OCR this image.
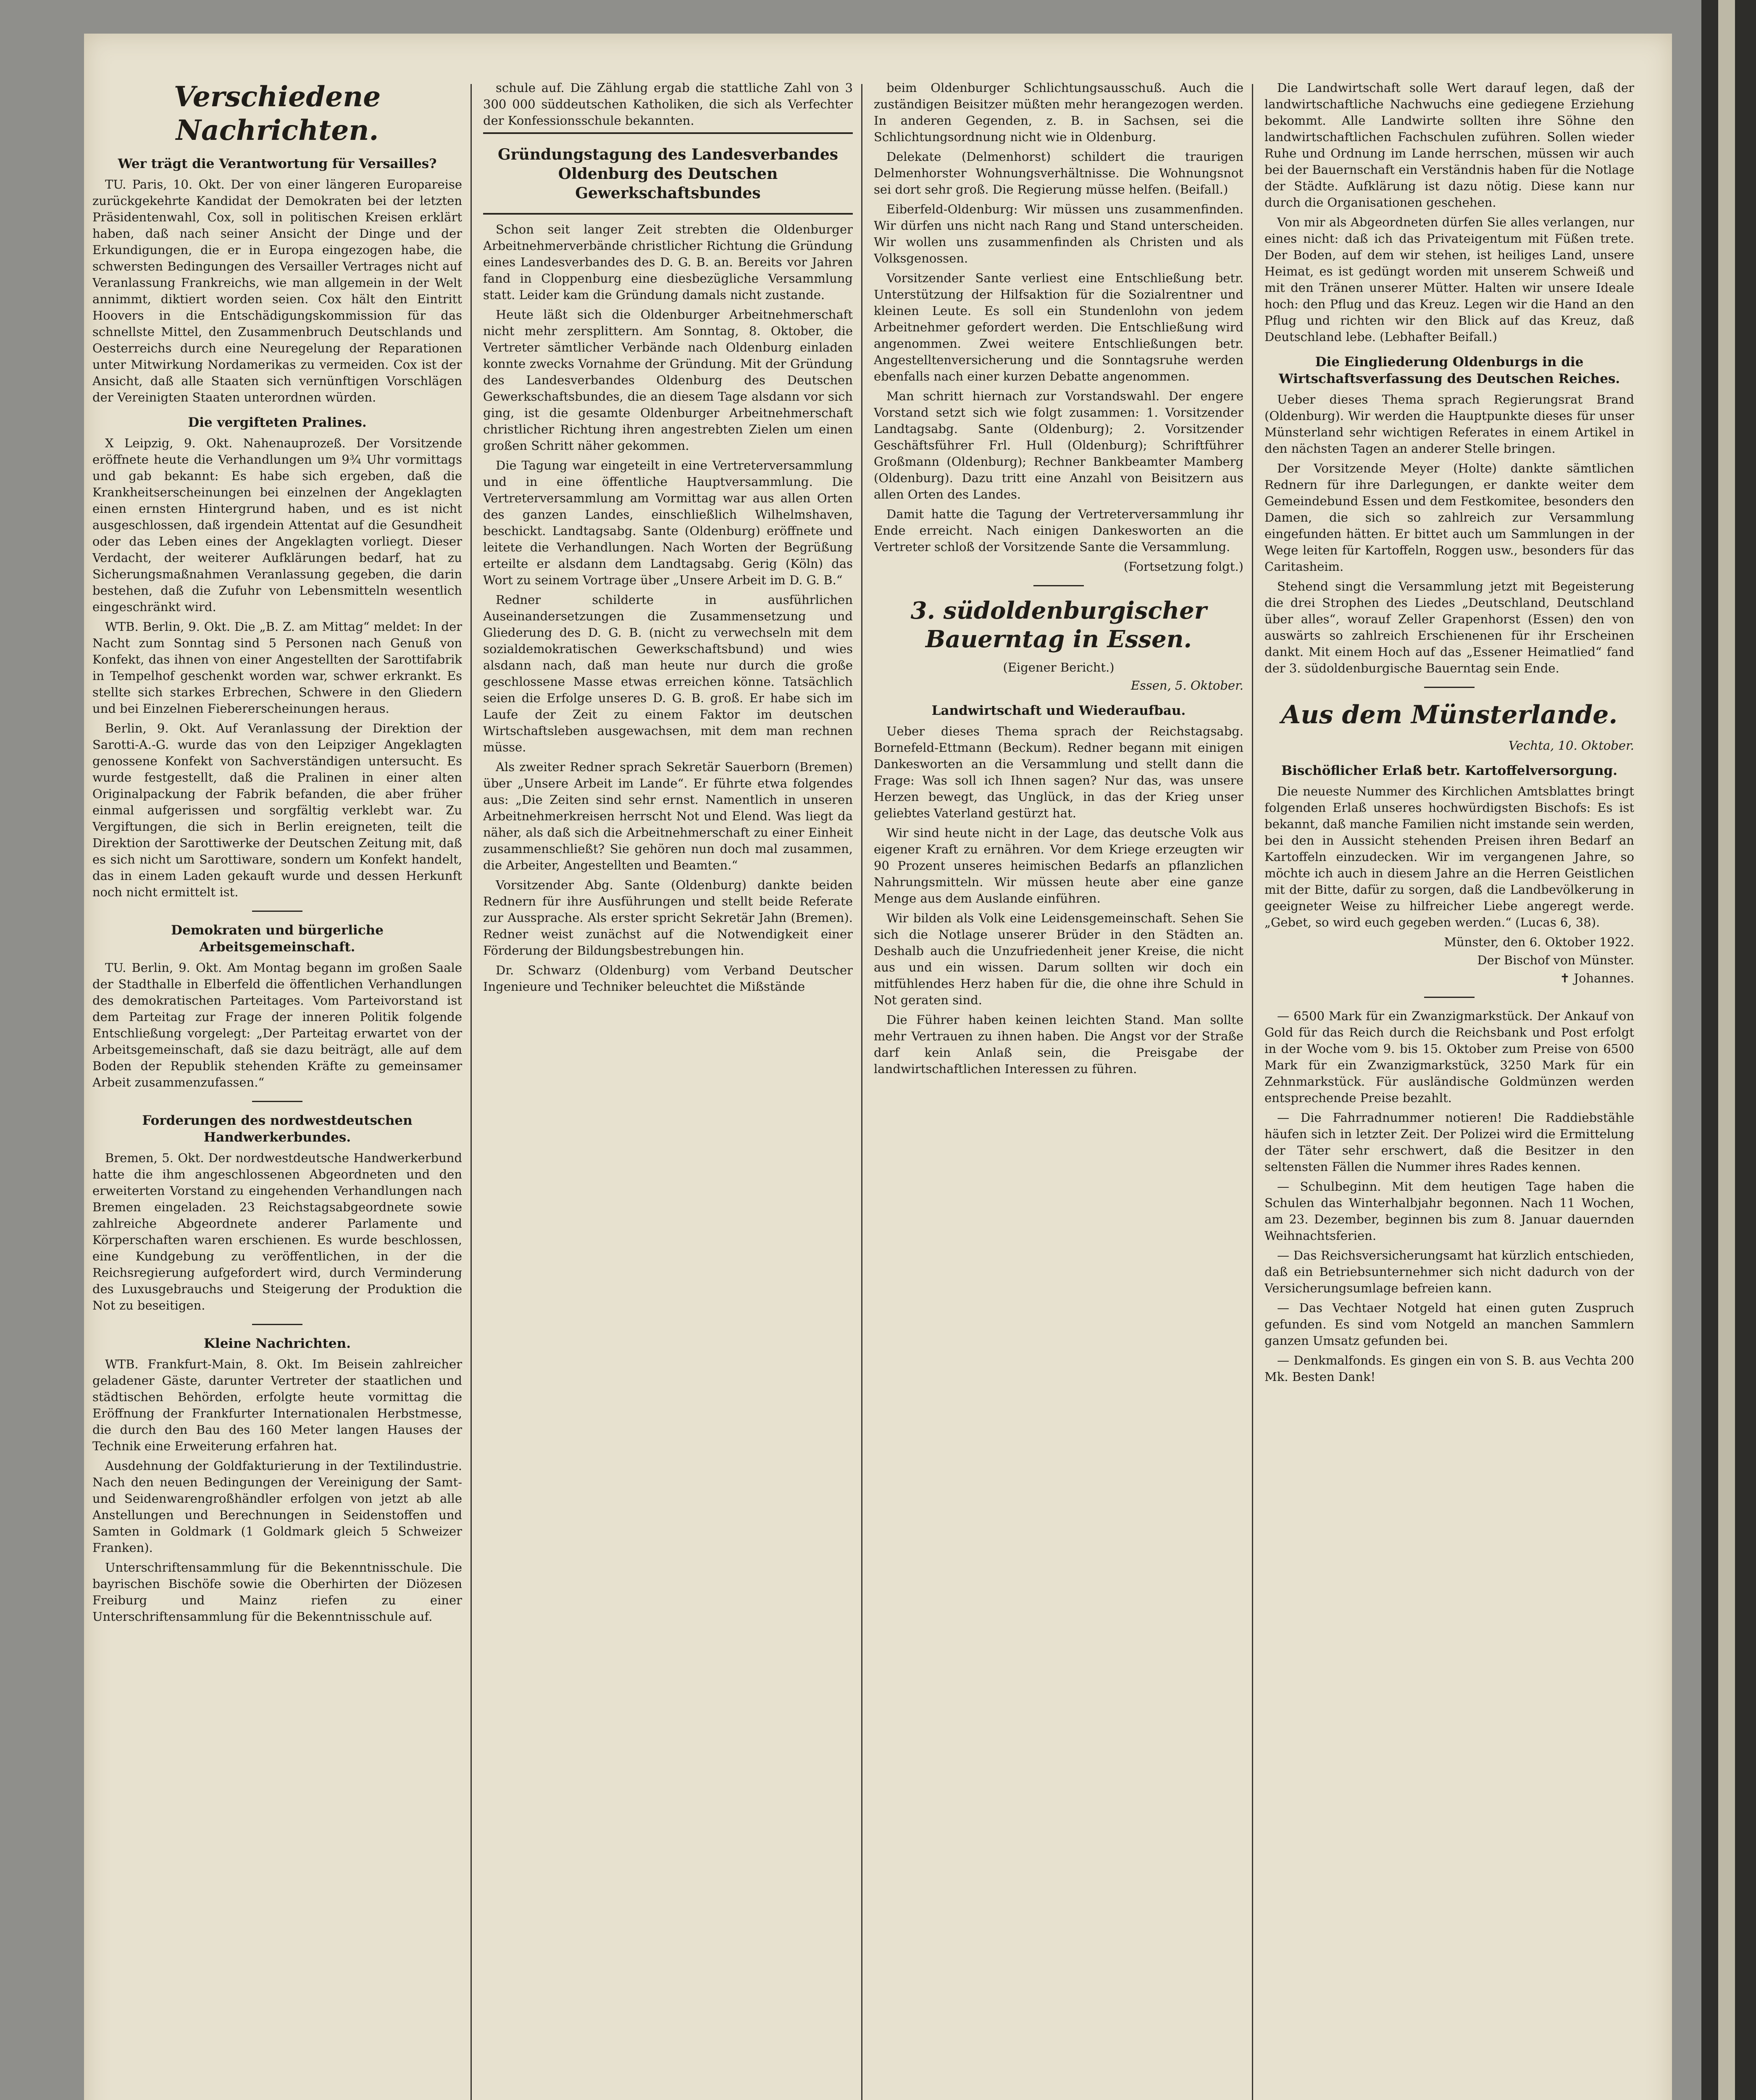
Verschiedene Nachrichten.
Wer trägt die Verantwortung für Versailles?

TU. Paris, 10. Okt. Der von einer längeren Europareise zurückgekehrte Kandidat der Demokraten bei der letzten Präsidentenwahl, Cox, soll in politischen Kreisen erklärt haben, daß nach seiner Ansicht der Dinge und der Erkundigungen, die er in Europa eingezogen habe, die schwersten Bedingungen des Versailler Vertrages nicht auf Veranlassung Frankreichs, wie man allgemein in der Welt annimmt, diktiert worden seien. Cox hält den Eintritt Hoovers in die Entschädigungskommission für das schnellste Mittel, den Zusammenbruch Deutschlands und Oesterreichs durch eine Neuregelung der Reparationen unter Mitwirkung Nordamerikas zu vermeiden. Cox ist der Ansicht, daß alle Staaten sich vernünftigen Vorschlägen der Vereinigten Staaten unterordnen würden.

Die vergifteten Pralines.

X Leipzig, 9. Okt. Nahenauprozeß. Der Vorsitzende eröffnete heute die Verhandlungen um 9¾ Uhr vormittags und gab bekannt: Es habe sich ergeben, daß die Krankheitserscheinungen bei einzelnen der Angeklagten einen ernsten Hintergrund haben, und es ist nicht ausgeschlossen, daß irgendein Attentat auf die Gesundheit oder das Leben eines der Angeklagten vorliegt. Dieser Verdacht, der weiterer Aufklärungen bedarf, hat zu Sicherungsmaßnahmen Veranlassung gegeben, die darin bestehen, daß die Zufuhr von Lebensmitteln wesentlich eingeschränkt wird.

WTB. Berlin, 9. Okt. Die „B. Z. am Mittag“ meldet: In der Nacht zum Sonntag sind 5 Personen nach Genuß von Konfekt, das ihnen von einer Angestellten der Sarottifabrik in Tempelhof geschenkt worden war, schwer erkrankt. Es stellte sich starkes Erbrechen, Schwere in den Gliedern und bei Einzelnen Fiebererscheinungen heraus.

Berlin, 9. Okt. Auf Veranlassung der Direktion der Sarotti-A.-G. wurde das von den Leipziger Angeklagten genossene Konfekt von Sachverständigen untersucht. Es wurde festgestellt, daß die Pralinen in einer alten Originalpackung der Fabrik befanden, die aber früher einmal aufgerissen und sorgfältig verklebt war. Zu Vergiftungen, die sich in Berlin ereigneten, teilt die Direktion der Sarottiwerke der Deutschen Zeitung mit, daß es sich nicht um Sarottiware, sondern um Konfekt handelt, das in einem Laden gekauft wurde und dessen Herkunft noch nicht ermittelt ist.

Demokraten und bürgerliche Arbeitsgemeinschaft.

TU. Berlin, 9. Okt. Am Montag begann im großen Saale der Stadthalle in Elberfeld die öffentlichen Verhandlungen des demokratischen Parteitages. Vom Parteivorstand ist dem Parteitag zur Frage der inneren Politik folgende Entschließung vorgelegt: „Der Parteitag erwartet von der Arbeitsgemeinschaft, daß sie dazu beiträgt, alle auf dem Boden der Republik stehenden Kräfte zu gemeinsamer Arbeit zusammenzufassen.“

Forderungen des nordwestdeutschen Handwerkerbundes.

Bremen, 5. Okt. Der nordwestdeutsche Handwerkerbund hatte die ihm angeschlossenen Abgeordneten und den erweiterten Vorstand zu eingehenden Verhandlungen nach Bremen eingeladen. 23 Reichstagsabgeordnete sowie zahlreiche Abgeordnete anderer Parlamente und Körperschaften waren erschienen. Es wurde beschlossen, eine Kundgebung zu veröffentlichen, in der die Reichsregierung aufgefordert wird, durch Verminderung des Luxusgebrauchs und Steigerung der Produktion die Not zu beseitigen.

Kleine Nachrichten.

WTB. Frankfurt-Main, 8. Okt. Im Beisein zahlreicher geladener Gäste, darunter Vertreter der staatlichen und städtischen Behörden, erfolgte heute vormittag die Eröffnung der Frankfurter Internationalen Herbstmesse, die durch den Bau des 160 Meter langen Hauses der Technik eine Erweiterung erfahren hat.

Ausdehnung der Goldfakturierung in der Textilindustrie. Nach den neuen Bedingungen der Vereinigung der Samt- und Seidenwarengroßhändler erfolgen von jetzt ab alle Anstellungen und Berechnungen in Seidenstoffen und Samten in Goldmark (1 Goldmark gleich 5 Schweizer Franken).

Unterschriftensammlung für die Bekenntnisschule. Die bayrischen Bischöfe sowie die Oberhirten der Diözesen Freiburg und Mainz riefen zu einer Unterschriftensammlung für die Bekenntnisschule auf.

schule auf. Die Zählung ergab die stattliche Zahl von 3 300 000 süddeutschen Katholiken, die sich als Verfechter der Konfessionsschule bekannten.

Gründungstagung des Landesverbandes Oldenburg des Deutschen Gewerkschaftsbundes

Schon seit langer Zeit strebten die Oldenburger Arbeitnehmerverbände christlicher Richtung die Gründung eines Landesverbandes des D. G. B. an. Bereits vor Jahren fand in Cloppenburg eine diesbezügliche Versammlung statt. Leider kam die Gründung damals nicht zustande.

Heute läßt sich die Oldenburger Arbeitnehmerschaft nicht mehr zersplittern. Am Sonntag, 8. Oktober, die Vertreter sämtlicher Verbände nach Oldenburg einladen konnte zwecks Vornahme der Gründung. Mit der Gründung des Landesverbandes Oldenburg des Deutschen Gewerkschaftsbundes, die an diesem Tage alsdann vor sich ging, ist die gesamte Oldenburger Arbeitnehmerschaft christlicher Richtung ihren angestrebten Zielen um einen großen Schritt näher gekommen.

Die Tagung war eingeteilt in eine Vertreterversammlung und in eine öffentliche Hauptversammlung. Die Vertreterversammlung am Vormittag war aus allen Orten des ganzen Landes, einschließlich Wilhelmshaven, beschickt. Landtagsabg. Sante (Oldenburg) eröffnete und leitete die Verhandlungen. Nach Worten der Begrüßung erteilte er alsdann dem Landtagsabg. Gerig (Köln) das Wort zu seinem Vortrage über „Unsere Arbeit im D. G. B.“

Redner schilderte in ausführlichen Auseinandersetzungen die Zusammensetzung und Gliederung des D. G. B. (nicht zu verwechseln mit dem sozialdemokratischen Gewerkschaftsbund) und wies alsdann nach, daß man heute nur durch die große geschlossene Masse etwas erreichen könne. Tatsächlich seien die Erfolge unseres D. G. B. groß. Er habe sich im Laufe der Zeit zu einem Faktor im deutschen Wirtschaftsleben ausgewachsen, mit dem man rechnen müsse.

Als zweiter Redner sprach Sekretär Sauerborn (Bremen) über „Unsere Arbeit im Lande“. Er führte etwa folgendes aus: „Die Zeiten sind sehr ernst. Namentlich in unseren Arbeitnehmerkreisen herrscht Not und Elend. Was liegt da näher, als daß sich die Arbeitnehmerschaft zu einer Einheit zusammenschließt? Sie gehören nun doch mal zusammen, die Arbeiter, Angestellten und Beamten.“

Vorsitzender Abg. Sante (Oldenburg) dankte beiden Rednern für ihre Ausführungen und stellt beide Referate zur Aussprache. Als erster spricht Sekretär Jahn (Bremen). Redner weist zunächst auf die Notwendigkeit einer Förderung der Bildungsbestrebungen hin.

Dr. Schwarz (Oldenburg) vom Verband Deutscher Ingenieure und Techniker beleuchtet die Mißstände

beim Oldenburger Schlichtungsausschuß. Auch die zuständigen Beisitzer müßten mehr herangezogen werden. In anderen Gegenden, z. B. in Sachsen, sei die Schlichtungsordnung nicht wie in Oldenburg.

Delekate (Delmenhorst) schildert die traurigen Delmenhorster Wohnungsverhältnisse. Die Wohnungsnot sei dort sehr groß. Die Regierung müsse helfen. (Beifall.)

Eiberfeld-Oldenburg: Wir müssen uns zusammenfinden. Wir dürfen uns nicht nach Rang und Stand unterscheiden. Wir wollen uns zusammenfinden als Christen und als Volksgenossen.

Vorsitzender Sante verliest eine Entschließung betr. Unterstützung der Hilfsaktion für die Sozialrentner und kleinen Leute. Es soll ein Stundenlohn von jedem Arbeitnehmer gefordert werden. Die Entschließung wird angenommen. Zwei weitere Entschließungen betr. Angestelltenversicherung und die Sonntagsruhe werden ebenfalls nach einer kurzen Debatte angenommen.

Man schritt hiernach zur Vorstandswahl. Der engere Vorstand setzt sich wie folgt zusammen: 1. Vorsitzender Landtagsabg. Sante (Oldenburg); 2. Vorsitzender Geschäftsführer Frl. Hull (Oldenburg); Schriftführer Großmann (Oldenburg); Rechner Bankbeamter Mamberg (Oldenburg). Dazu tritt eine Anzahl von Beisitzern aus allen Orten des Landes.

Damit hatte die Tagung der Vertreterversammlung ihr Ende erreicht. Nach einigen Dankesworten an die Vertreter schloß der Vorsitzende Sante die Versammlung.

(Fortsetzung folgt.)
3. südoldenburgischer Bauerntag in Essen.
(Eigener Bericht.)
Essen, 5. Oktober.
Landwirtschaft und Wiederaufbau.

Ueber dieses Thema sprach der Reichstagsabg. Bornefeld-Ettmann (Beckum). Redner begann mit einigen Dankesworten an die Versammlung und stellt dann die Frage: Was soll ich Ihnen sagen? Nur das, was unsere Herzen bewegt, das Unglück, in das der Krieg unser geliebtes Vaterland gestürzt hat.

Wir sind heute nicht in der Lage, das deutsche Volk aus eigener Kraft zu ernähren. Vor dem Kriege erzeugten wir 90 Prozent unseres heimischen Bedarfs an pflanzlichen Nahrungsmitteln. Wir müssen heute aber eine ganze Menge aus dem Auslande einführen.

Wir bilden als Volk eine Leidensgemeinschaft. Sehen Sie sich die Notlage unserer Brüder in den Städten an. Deshalb auch die Unzufriedenheit jener Kreise, die nicht aus und ein wissen. Darum sollten wir doch ein mitfühlendes Herz haben für die, die ohne ihre Schuld in Not geraten sind.

Die Führer haben keinen leichten Stand. Man sollte mehr Vertrauen zu ihnen haben. Die Angst vor der Straße darf kein Anlaß sein, die Preisgabe der landwirtschaftlichen Interessen zu führen.

Die Landwirtschaft solle Wert darauf legen, daß der landwirtschaftliche Nachwuchs eine gediegene Erziehung bekommt. Alle Landwirte sollten ihre Söhne den landwirtschaftlichen Fachschulen zuführen. Sollen wieder Ruhe und Ordnung im Lande herrschen, müssen wir auch bei der Bauernschaft ein Verständnis haben für die Notlage der Städte. Aufklärung ist dazu nötig. Diese kann nur durch die Organisationen geschehen.

Von mir als Abgeordneten dürfen Sie alles verlangen, nur eines nicht: daß ich das Privateigentum mit Füßen trete. Der Boden, auf dem wir stehen, ist heiliges Land, unsere Heimat, es ist gedüngt worden mit unserem Schweiß und mit den Tränen unserer Mütter. Halten wir unsere Ideale hoch: den Pflug und das Kreuz. Legen wir die Hand an den Pflug und richten wir den Blick auf das Kreuz, daß Deutschland lebe. (Lebhafter Beifall.)

Die Eingliederung Oldenburgs in die Wirtschaftsverfassung des Deutschen Reiches.

Ueber dieses Thema sprach Regierungsrat Brand (Oldenburg). Wir werden die Hauptpunkte dieses für unser Münsterland sehr wichtigen Referates in einem Artikel in den nächsten Tagen an anderer Stelle bringen.

Der Vorsitzende Meyer (Holte) dankte sämtlichen Rednern für ihre Darlegungen, er dankte weiter dem Gemeindebund Essen und dem Festkomitee, besonders den Damen, die sich so zahlreich zur Versammlung eingefunden hätten. Er bittet auch um Sammlungen in der Wege leiten für Kartoffeln, Roggen usw., besonders für das Caritasheim.

Stehend singt die Versammlung jetzt mit Begeisterung die drei Strophen des Liedes „Deutschland, Deutschland über alles“, worauf Zeller Grapenhorst (Essen) den von auswärts so zahlreich Erschienenen für ihr Erscheinen dankt. Mit einem Hoch auf das „Essener Heimatlied“ fand der 3. südoldenburgische Bauerntag sein Ende.

Aus dem Münsterlande.
Vechta, 10. Oktober.
Bischöflicher Erlaß betr. Kartoffelversorgung.

Die neueste Nummer des Kirchlichen Amtsblattes bringt folgenden Erlaß unseres hochwürdigsten Bischofs: Es ist bekannt, daß manche Familien nicht imstande sein werden, bei den in Aussicht stehenden Preisen ihren Bedarf an Kartoffeln einzudecken. Wir im vergangenen Jahre, so möchte ich auch in diesem Jahre an die Herren Geistlichen mit der Bitte, dafür zu sorgen, daß die Landbevölkerung in geeigneter Weise zu hilfreicher Liebe angeregt werde. „Gebet, so wird euch gegeben werden.“ (Lucas 6, 38).

Münster, den 6. Oktober 1922.
Der Bischof von Münster.
✝ Johannes.

— 6500 Mark für ein Zwanzigmarkstück. Der Ankauf von Gold für das Reich durch die Reichsbank und Post erfolgt in der Woche vom 9. bis 15. Oktober zum Preise von 6500 Mark für ein Zwanzigmarkstück, 3250 Mark für ein Zehnmarkstück. Für ausländische Goldmünzen werden entsprechende Preise bezahlt.

— Die Fahrradnummer notieren! Die Raddiebstähle häufen sich in letzter Zeit. Der Polizei wird die Ermittelung der Täter sehr erschwert, daß die Besitzer in den seltensten Fällen die Nummer ihres Rades kennen.

— Schulbeginn. Mit dem heutigen Tage haben die Schulen das Winterhalbjahr begonnen. Nach 11 Wochen, am 23. Dezember, beginnen bis zum 8. Januar dauernden Weihnachtsferien.

— Das Reichsversicherungsamt hat kürzlich entschieden, daß ein Betriebsunternehmer sich nicht dadurch von der Versicherungsumlage befreien kann.

— Das Vechtaer Notgeld hat einen guten Zuspruch gefunden. Es sind vom Notgeld an manchen Sammlern ganzen Umsatz gefunden bei.

— Denkmalfonds. Es gingen ein von S. B. aus Vechta 200 Mk. Besten Dank!
